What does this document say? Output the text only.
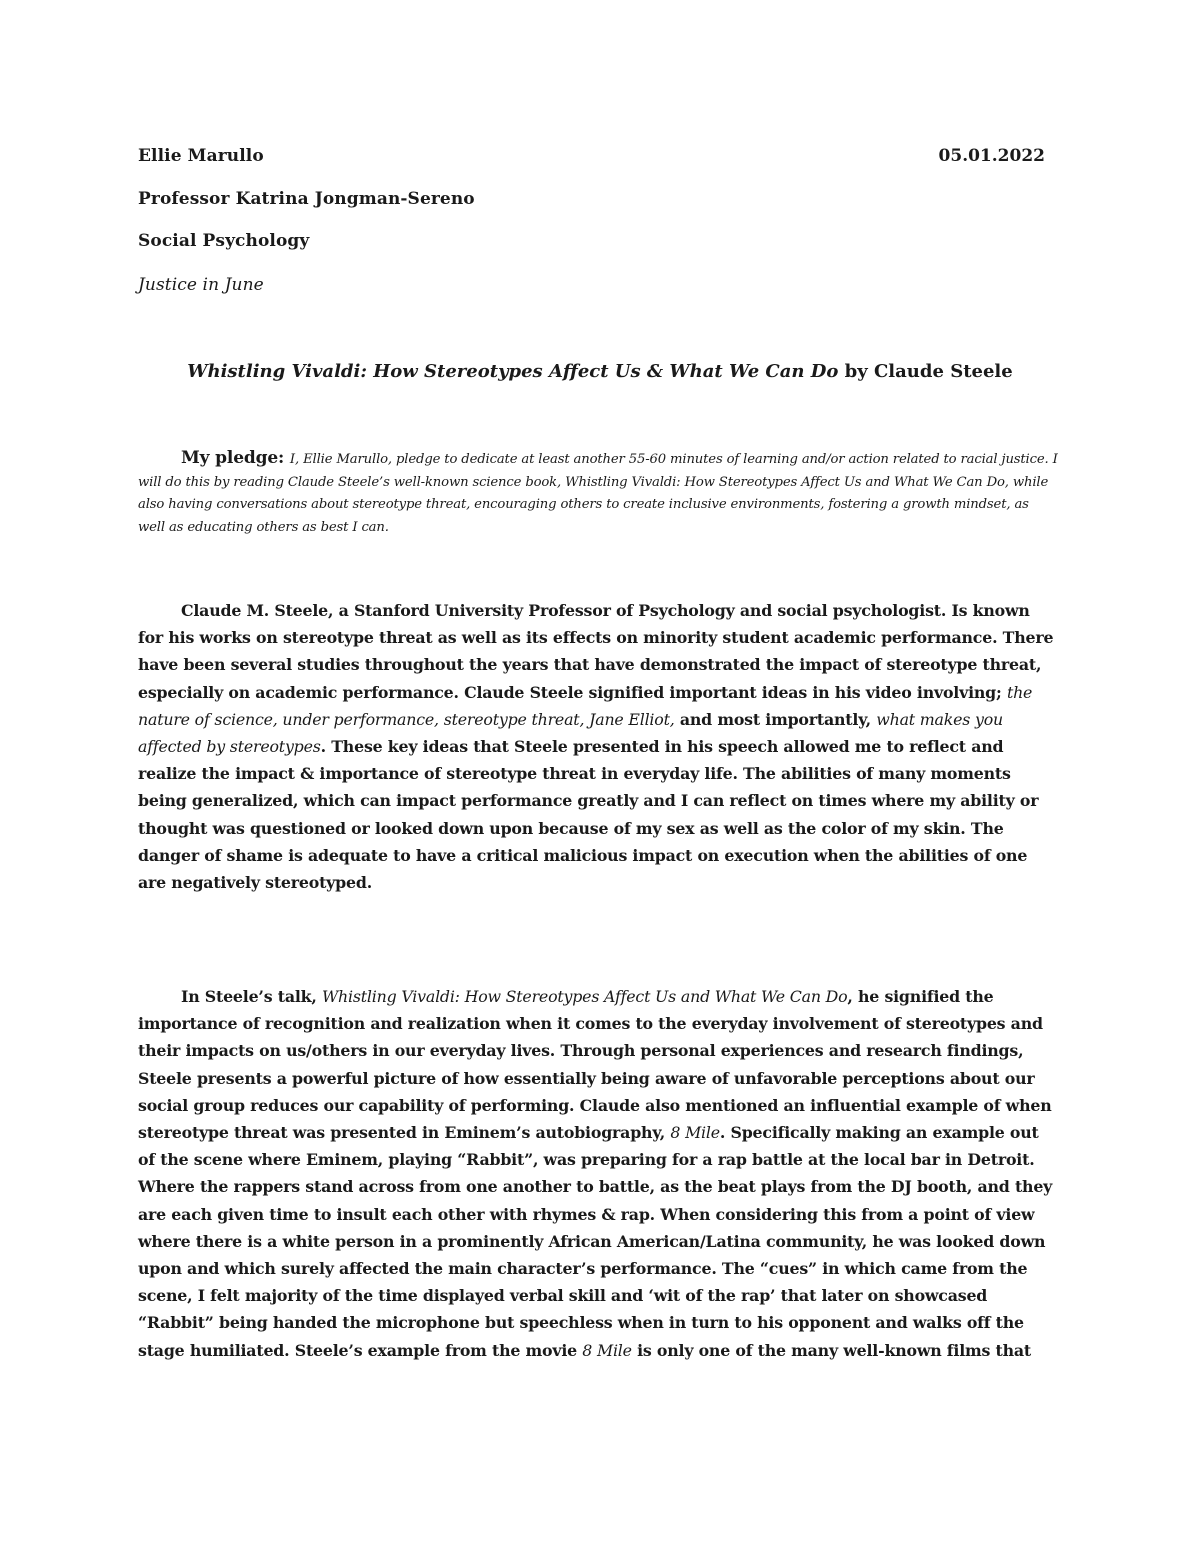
Ellie Marullo	05.01.2022
Professor Katrina Jongman-Sereno
Social Psychology
Justice in June
Whistling Vivaldi: How Stereotypes Affect Us & What We Can Do by Claude Steele
My pledge: I, Ellie Marullo, pledge to dedicate at least another 55-60 minutes of learning and/or action related to racial justice. I will do this by reading Claude Steele’s well-known science book, Whistling Vivaldi: How Stereotypes Affect Us and What We Can Do, while also having conversations about stereotype threat, encouraging others to create inclusive environments, fostering a growth mindset, as well as educating others as best I can.
Claude M. Steele, a Stanford University Professor of Psychology and social psychologist. Is known for his works on stereotype threat as well as its effects on minority student academic performance. There have been several studies throughout the years that have demonstrated the impact of stereotype threat, especially on academic performance. Claude Steele signified important ideas in his video involving; the nature of science, under performance, stereotype threat, Jane Elliot, and most importantly, what makes you affected by stereotypes. These key ideas that Steele presented in his speech allowed me to reflect and realize the impact & importance of stereotype threat in everyday life. The abilities of many moments being generalized, which can impact performance greatly and I can reflect on times where my ability or thought was questioned or looked down upon because of my sex as well as the color of my skin. The danger of shame is adequate to have a critical malicious impact on execution when the abilities of one are negatively stereotyped.
In Steele’s talk, Whistling Vivaldi: How Stereotypes Affect Us and What We Can Do, he signified the importance of recognition and realization when it comes to the everyday involvement of stereotypes and their impacts on us/others in our everyday lives. Through personal experiences and research findings, Steele presents a powerful picture of how essentially being aware of unfavorable perceptions about our social group reduces our capability of performing. Claude also mentioned an influential example of when stereotype threat was presented in Eminem’s autobiography, 8 Mile. Specifically making an example out of the scene where Eminem, playing “Rabbit”, was preparing for a rap battle at the local bar in Detroit. Where the rappers stand across from one another to battle, as the beat plays from the DJ booth, and they are each given time to insult each other with rhymes & rap. When considering this from a point of view where there is a white person in a prominently African American/Latina community, he was looked down upon and which surely affected the main character’s performance. The “cues” in which came from the scene, I felt majority of the time displayed verbal skill and ‘wit of the rap’ that later on showcased “Rabbit” being handed the microphone but speechless when in turn to his opponent and walks off the stage humiliated. Steele’s example from the movie 8 Mile is only one of the many well-known films that
